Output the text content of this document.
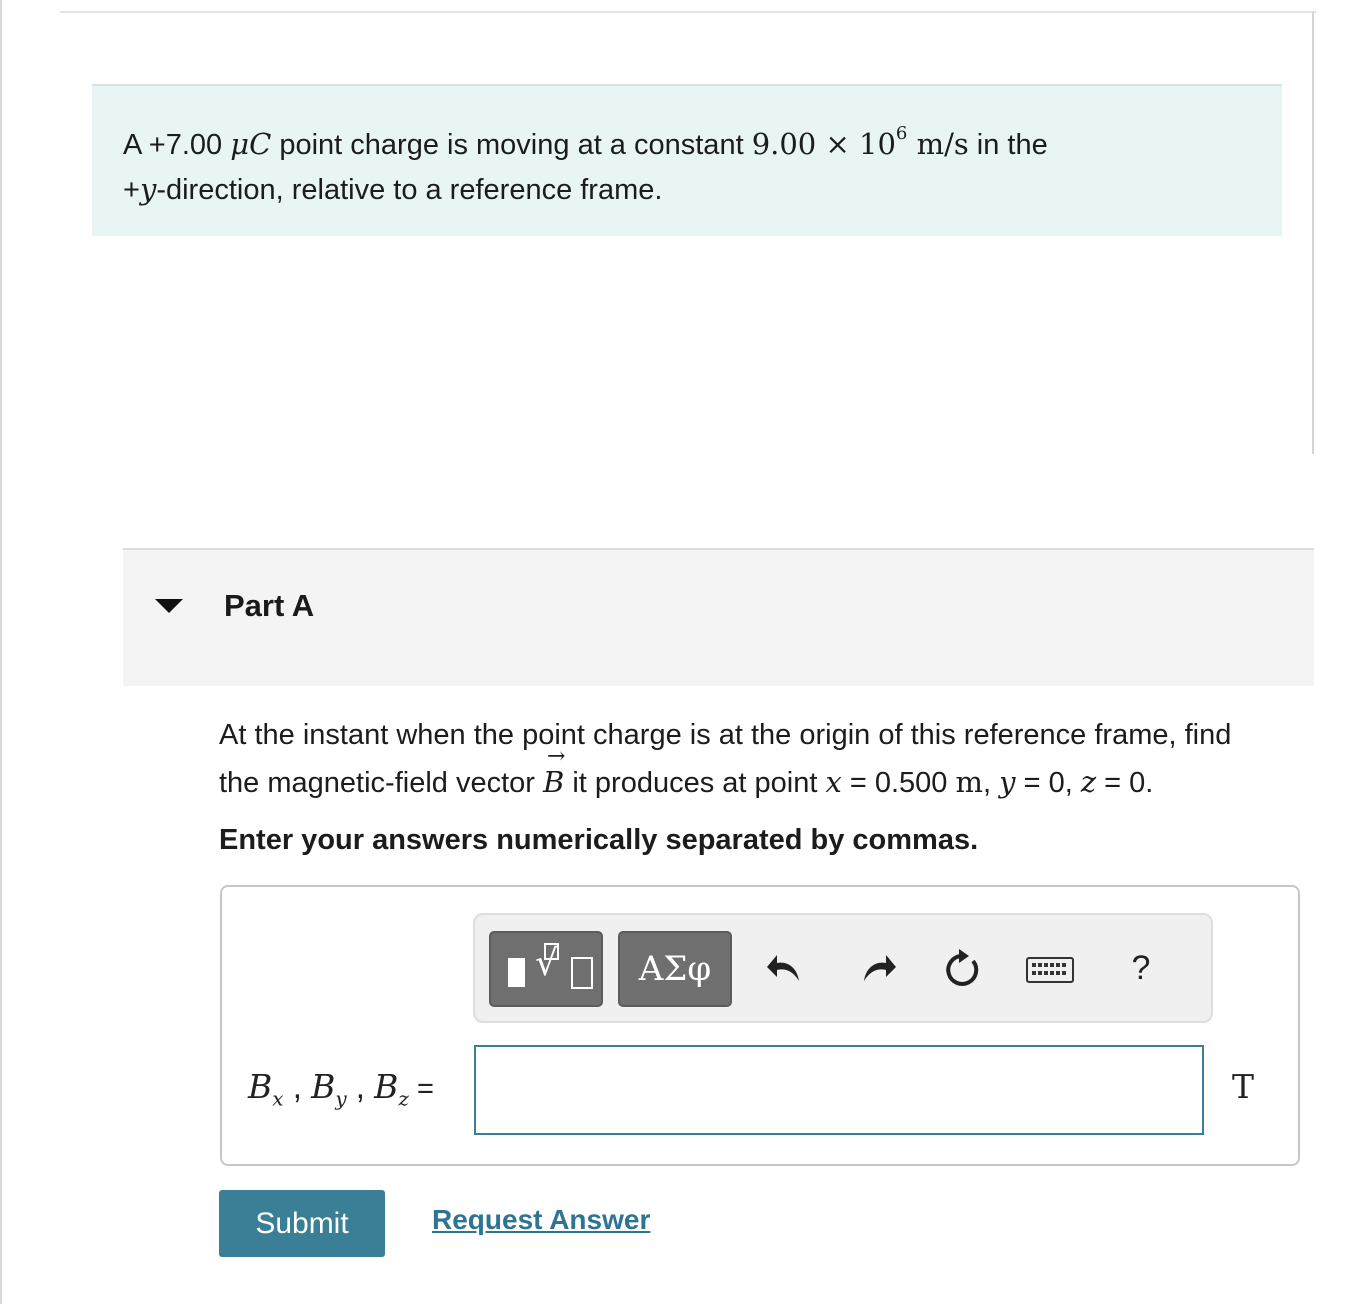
A +7.00 μC point charge is moving at a constant $9.00 \times 10^6$ m/s in the
+y-direction, relative to a reference frame.
Part A
At the instant when the point charge is at the origin of this reference frame, find
the magnetic-field vector → B it produces at point x = 0.500 m, y = 0, z = 0.
Enter your answers numerically separated by commas.
√	ΑΣφ	?
$B_x$ , $B_y$ , $B_z$ =	T
Submit	Request Answer
